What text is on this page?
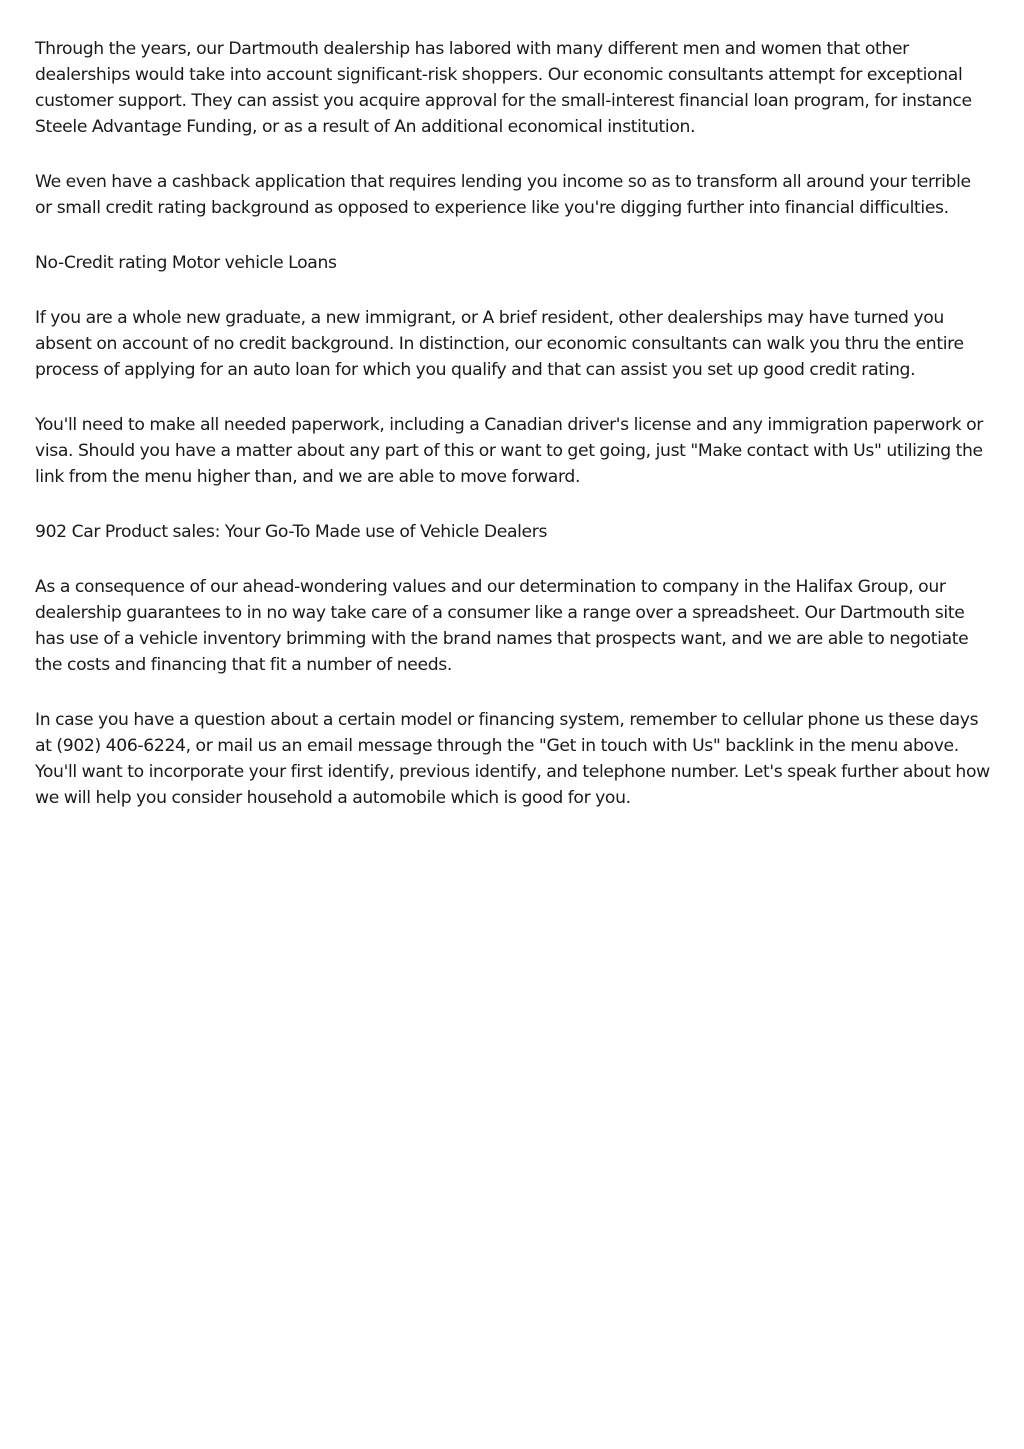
Through the years, our Dartmouth dealership has labored with many different men and women that other dealerships would take into account significant-risk shoppers. Our economic consultants attempt for exceptional customer support. They can assist you acquire approval for the small-interest financial loan program, for instance Steele Advantage Funding, or as a result of An additional economical institution.

We even have a cashback application that requires lending you income so as to transform all around your terrible or small credit rating background as opposed to experience like you're digging further into financial difficulties.

No-Credit rating Motor vehicle Loans

If you are a whole new graduate, a new immigrant, or A brief resident, other dealerships may have turned you absent on account of no credit background. In distinction, our economic consultants can walk you thru the entire process of applying for an auto loan for which you qualify and that can assist you set up good credit rating.

You'll need to make all needed paperwork, including a Canadian driver's license and any immigration paperwork or visa. Should you have a matter about any part of this or want to get going, just "Make contact with Us" utilizing the link from the menu higher than, and we are able to move forward.

902 Car Product sales: Your Go-To Made use of Vehicle Dealers

As a consequence of our ahead-wondering values and our determination to company in the Halifax Group, our dealership guarantees to in no way take care of a consumer like a range over a spreadsheet. Our Dartmouth site has use of a vehicle inventory brimming with the brand names that prospects want, and we are able to negotiate the costs and financing that fit a number of needs.

In case you have a question about a certain model or financing system, remember to cellular phone us these days at (902) 406-6224, or mail us an email message through the "Get in touch with Us" backlink in the menu above. You'll want to incorporate your first identify, previous identify, and telephone number. Let's speak further about how we will help you consider household a automobile which is good for you.
